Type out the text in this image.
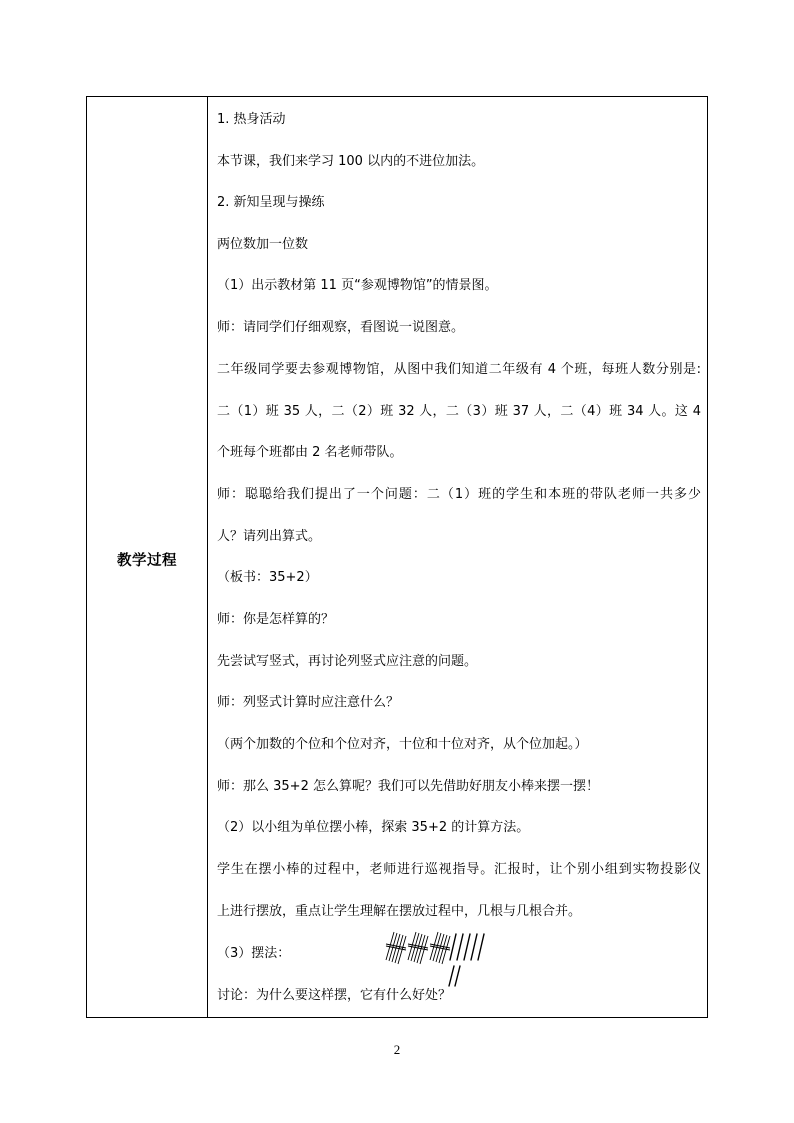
教学过程
1. 热身活动
本节课，我们来学习 100 以内的不进位加法。
2. 新知呈现与操练
两位数加一位数
（1）出示教材第 11 页“参观博物馆”的情景图。
师：请同学们仔细观察，看图说一说图意。
二年级同学要去参观博物馆，从图中我们知道二年级有 4 个班，每班人数分别是:
二（1）班 35 人，二（2）班 32 人，二（3）班 37 人，二（4）班 34 人。这 4
个班每个班都由 2 名老师带队。
师：聪聪给我们提出了一个问题：二（1）班的学生和本班的带队老师一共多少
人？请列出算式。
（板书：35+2）
师：你是怎样算的？
先尝试写竖式，再讨论列竖式应注意的问题。
师：列竖式计算时应注意什么？
（两个加数的个位和个位对齐，十位和十位对齐，从个位加起。）
师：那么 35+2 怎么算呢？我们可以先借助好朋友小棒来摆一摆！
（2）以小组为单位摆小棒，探索 35+2 的计算方法。
学生在摆小棒的过程中，老师进行巡视指导。汇报时，让个别小组到实物投影仪
上进行摆放，重点让学生理解在摆放过程中，几根与几根合并。
（3）摆法：
讨论：为什么要这样摆，它有什么好处？
2
